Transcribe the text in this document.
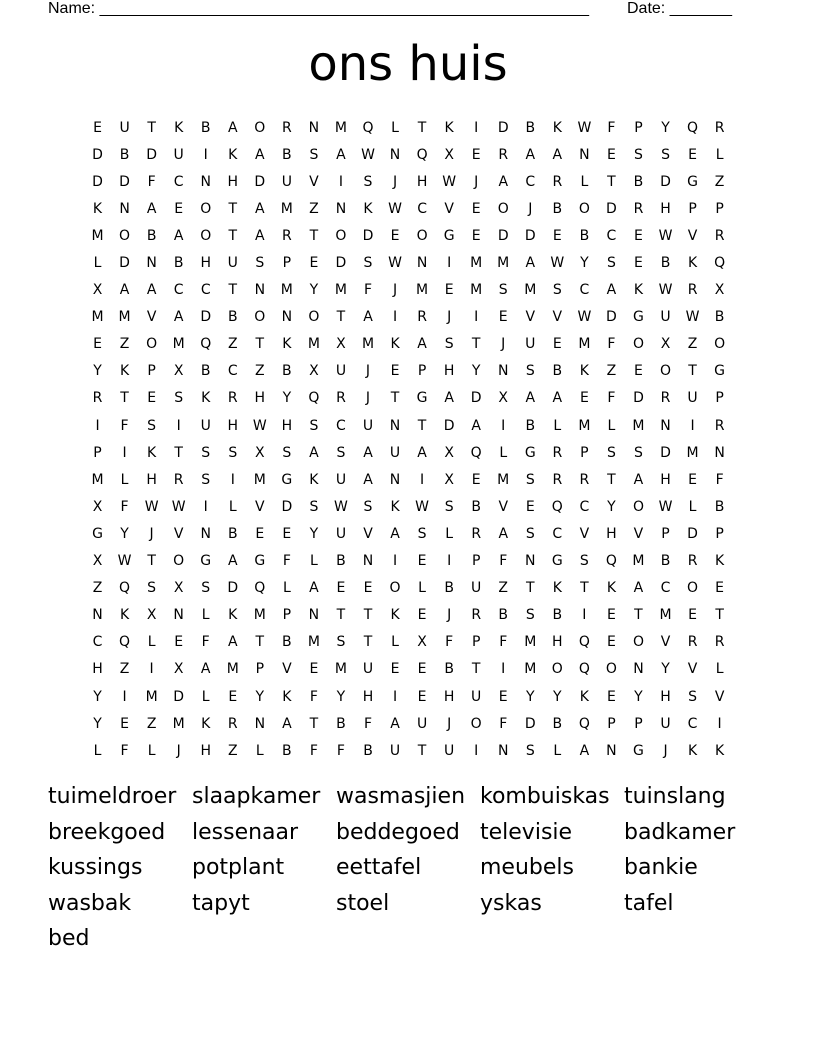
Name: _______________________________________________________ Date: _______
ons huis
E	U	T	K	B	A	O	R	N	M	Q	L	T	K	I	D	B	K	W	F	P	Y	Q	R
D	B	D	U	I	K	A	B	S	A	W	N	Q	X	E	R	A	A	N	E	S	S	E	L
D	D	F	C	N	H	D	U	V	I	S	J	H	W	J	A	C	R	L	T	B	D	G	Z
K	N	A	E	O	T	A	M	Z	N	K	W	C	V	E	O	J	B	O	D	R	H	P	P
M	O	B	A	O	T	A	R	T	O	D	E	O	G	E	D	D	E	B	C	E	W	V	R
L	D	N	B	H	U	S	P	E	D	S	W	N	I	M	M	A	W	Y	S	E	B	K	Q
X	A	A	C	C	T	N	M	Y	M	F	J	M	E	M	S	M	S	C	A	K	W	R	X
M	M	V	A	D	B	O	N	O	T	A	I	R	J	I	E	V	V	W	D	G	U	W	B
E	Z	O	M	Q	Z	T	K	M	X	M	K	A	S	T	J	U	E	M	F	O	X	Z	O
Y	K	P	X	B	C	Z	B	X	U	J	E	P	H	Y	N	S	B	K	Z	E	O	T	G
R	T	E	S	K	R	H	Y	Q	R	J	T	G	A	D	X	A	A	E	F	D	R	U	P
I	F	S	I	U	H	W	H	S	C	U	N	T	D	A	I	B	L	M	L	M	N	I	R
P	I	K	T	S	S	X	S	A	S	A	U	A	X	Q	L	G	R	P	S	S	D	M	N
M	L	H	R	S	I	M	G	K	U	A	N	I	X	E	M	S	R	R	T	A	H	E	F
X	F	W W	I	L	V	D	S	W	S	K	W	S	B	V	E	Q	C	Y	O	W	L	B
G	Y	J	V	N	B	E	E	Y	U	V	A	S	L	R	A	S	C	V	H	V	P	D	P
X	W	T	O	G	A	G	F	L	B	N	I	E	I	P	F	N	G	S	Q	M	B	R	K
Z	Q	S	X	S	D	Q	L	A	E	E	O	L	B	U	Z	T	K	T	K	A	C	O	E
N	K	X	N	L	K	M	P	N	T	T	K	E	J	R	B	S	B	I	E	T	M	E	T
C	Q	L	E	F	A	T	B	M	S	T	L	X	F	P	F	M	H	Q	E	O	V	R	R
H	Z	I	X	A	M	P	V	E	M	U	E	E	B	T	I	M	O	Q	O	N	Y	V	L
Y	I	M	D	L	E	Y	K	F	Y	H	I	E	H	U	E	Y	Y	K	E	Y	H	S	V
Y	E	Z	M	K	R	N	A	T	B	F	A	U	J	O	F	D	B	Q	P	P	U	C	I
L	F	L	J	H	Z	L	B	F	F	B	U	T	U	I	N	S	L	A	N	G	J	K	K
tuimeldroer slaapkamer wasmasjien kombuiskas tuinslang
breekgoed	lessenaar	beddegoed televisie	badkamer
kussings	potplant	eettafel	meubels	bankie
wasbak	tapyt	stoel	yskas	tafel
bed
